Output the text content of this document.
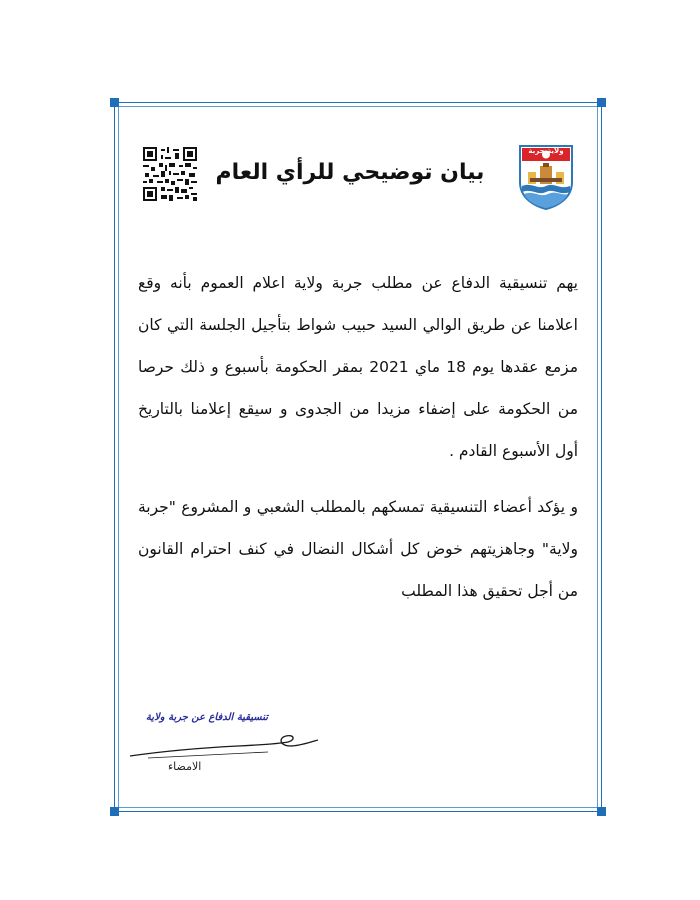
بيان توضيحي للرأي العام
ولاية جربة

يهم تنسيقية الدفاع عن مطلب جربة ولاية اعلام العموم بأنه وقع اعلامنا عن طريق الوالي السيد حبيب شواط بتأجيل الجلسة التي كان مزمع عقدها يوم 18 ماي 2021 بمقر الحكومة بأسبوع و ذلك حرصا من الحكومة على إضفاء مزيدا من الجدوى و سيقع إعلامنا بالتاريخ أول الأسبوع القادم .

و يؤكد أعضاء التنسيقية تمسكهم بالمطلب الشعبي و المشروع "جربة ولاية" وجاهزيتهم خوض كل أشكال النضال في كنف احترام القانون من أجل تحقيق هذا المطلب

تنسيقية الدفاع عن جربة ولاية
الامضاء
